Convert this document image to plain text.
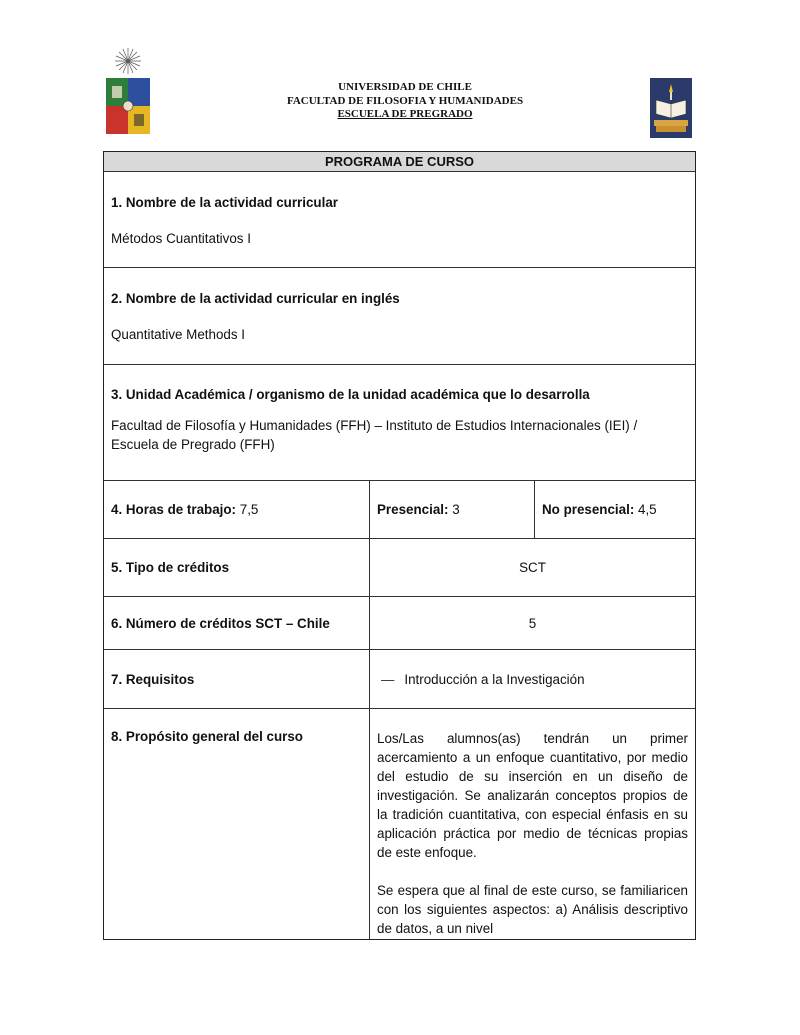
UNIVERSIDAD DE CHILE
FACULTAD DE FILOSOFIA Y HUMANIDADES
ESCUELA DE PREGRADO
PROGRAMA DE CURSO
1. Nombre de la actividad curricular
Métodos Cuantitativos I
2. Nombre de la actividad curricular en inglés
Quantitative Methods I
3. Unidad Académica / organismo de la unidad académica que lo desarrolla
Facultad de Filosofía y Humanidades (FFH) – Instituto de Estudios Internacionales (IEI) / Escuela de Pregrado (FFH)
4. Horas de trabajo: 7,5	Presencial: 3	No presencial: 4,5
5. Tipo de créditos	SCT
6. Número de créditos SCT – Chile	5
7. Requisitos	— Introducción a la Investigación
8. Propósito general del curso	Los/Las alumnos(as) tendrán un primer acercamiento a un enfoque cuantitativo, por medio del estudio de su inserción en un diseño de investigación. Se analizarán conceptos propios de la tradición cuantitativa, con especial énfasis en su aplicación práctica por medio de técnicas propias de este enfoque.
Se espera que al final de este curso, se familiaricen con los siguientes aspectos: a) Análisis descriptivo de datos, a un nivel
